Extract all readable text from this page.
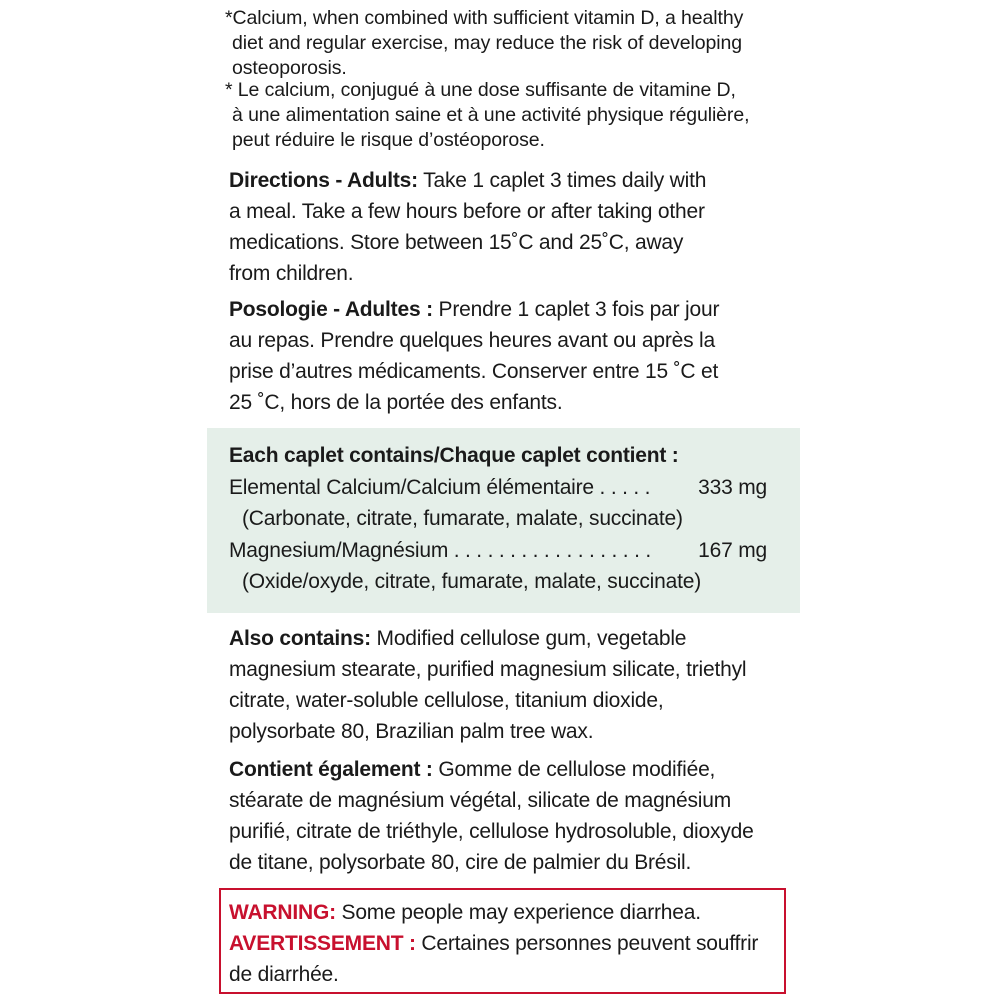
*Calcium, when combined with sufficient vitamin D, a healthy
diet and regular exercise, may reduce the risk of developing
osteoporosis.
* Le calcium, conjugué à une dose suffisante de vitamine D,
à une alimentation saine et à une activité physique régulière,
peut réduire le risque d’ostéoporose.
Directions - Adults: Take 1 caplet 3 times daily with
a meal. Take a few hours before or after taking other
medications. Store between 15˚C and 25˚C, away
from children.
Posologie - Adultes : Prendre 1 caplet 3 fois par jour
au repas. Prendre quelques heures avant ou après la
prise d’autres médicaments. Conserver entre 15 ˚C et
25 ˚C, hors de la portée des enfants.
Each caplet contains/Chaque caplet contient :
Elemental Calcium/Calcium élémentaire . . . . . 333 mg
(Carbonate, citrate, fumarate, malate, succinate)
Magnesium/Magnésium . . . . . . . . . . . . . . . . . . 167 mg
(Oxide/oxyde, citrate, fumarate, malate, succinate)
Also contains: Modified cellulose gum, vegetable
magnesium stearate, purified magnesium silicate, triethyl
citrate, water-soluble cellulose, titanium dioxide,
polysorbate 80, Brazilian palm tree wax.
Contient également : Gomme de cellulose modifiée,
stéarate de magnésium végétal, silicate de magnésium
purifié, citrate de triéthyle, cellulose hydrosoluble, dioxyde
de titane, polysorbate 80, cire de palmier du Brésil.
WARNING: Some people may experience diarrhea.
AVERTISSEMENT : Certaines personnes peuvent souffrir
de diarrhée.
